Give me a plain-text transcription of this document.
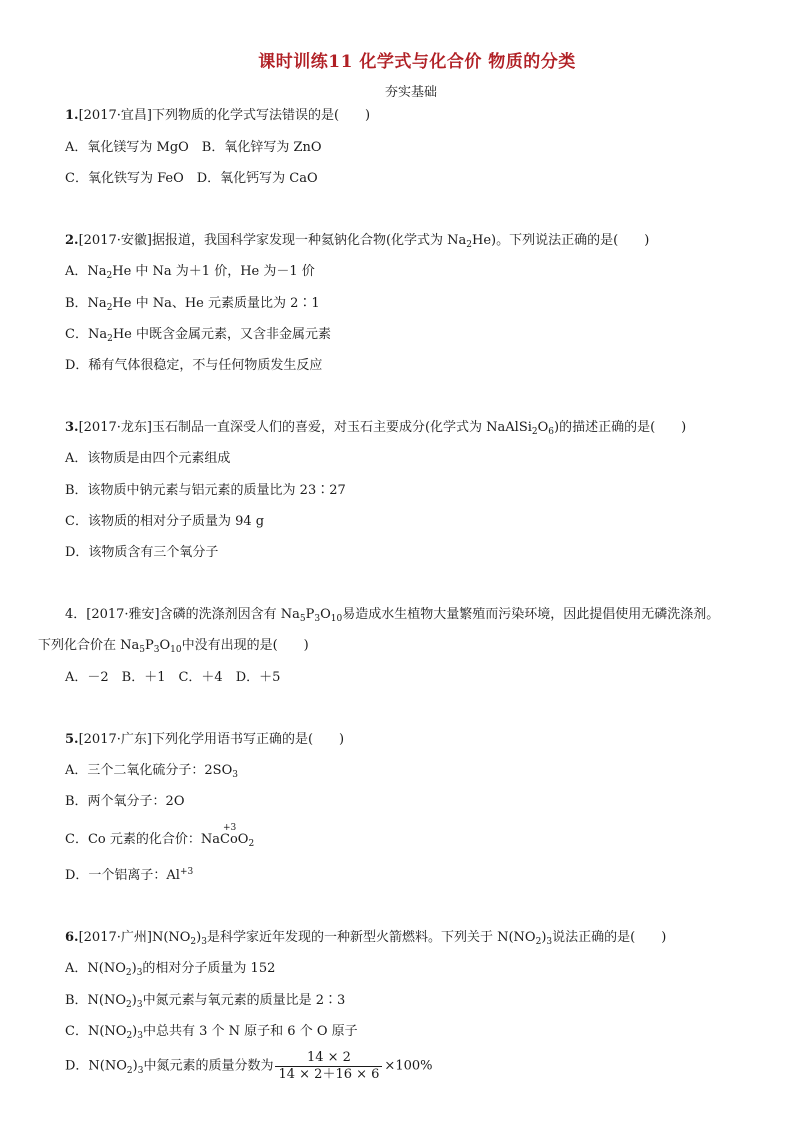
课时训练11 化学式与化合价 物质的分类
夯实基础
1.[2017·宜昌]下列物质的化学式写法错误的是(　　)
A．氧化镁写为 MgO　B．氧化锌写为 ZnO
C．氧化铁写为 FeO　D．氧化钙写为 CaO
2.[2017·安徽]据报道，我国科学家发现一种氦钠化合物(化学式为 $Na_2He$)。下列说法正确的是(　　)
A．$Na_2He$ 中 Na 为＋1 价，He 为－1 价
B．$Na_2He$ 中 Na、He 元素质量比为 2∶1
C．$Na_2He$ 中既含金属元素，又含非金属元素
D．稀有气体很稳定，不与任何物质发生反应
3.[2017·龙东]玉石制品一直深受人们的喜爱，对玉石主要成分(化学式为 $NaAlSi_2O_6$)的描述正确的是(　　)
A．该物质是由四个元素组成
B．该物质中钠元素与铝元素的质量比为 23∶27
C．该物质的相对分子质量为 94 g
D．该物质含有三个氧分子
4．[2017·雅安]含磷的洗涤剂因含有 $Na_5P_3O_{10}$易造成水生植物大量繁殖而污染环境，因此提倡使用无磷洗涤剂。
下列化合价在 $Na_5P_3O_{10}$中没有出现的是(　　)
A．－2　B．＋1　C．＋4　D．＋5
5.[2017·广东]下列化学用语书写正确的是(　　)
A．三个二氧化硫分子：$2SO_3$
B．两个氧分子：2O
C．Co 元素的化合价：Na
+3
CoO$_2$
D．一个铝离子：$Al^{+3}$
6.[2017·广州]$N(NO_2)_3$是科学家近年发现的一种新型火箭燃料。下列关于 $N(NO_2)_3$说法正确的是(　　)
A．$N(NO_2)_3$的相对分子质量为 152
B．$N(NO_2)_3$中氮元素与氧元素的质量比是 2∶3
C．$N(NO_2)_3$中总共有 3 个 N 原子和 6 个 O 原子
D．$N(NO_2)_3$中氮元素的质量分数为 $\frac{14 \times 2}{14 \times 2+16 \times 6} \times 100\%$
